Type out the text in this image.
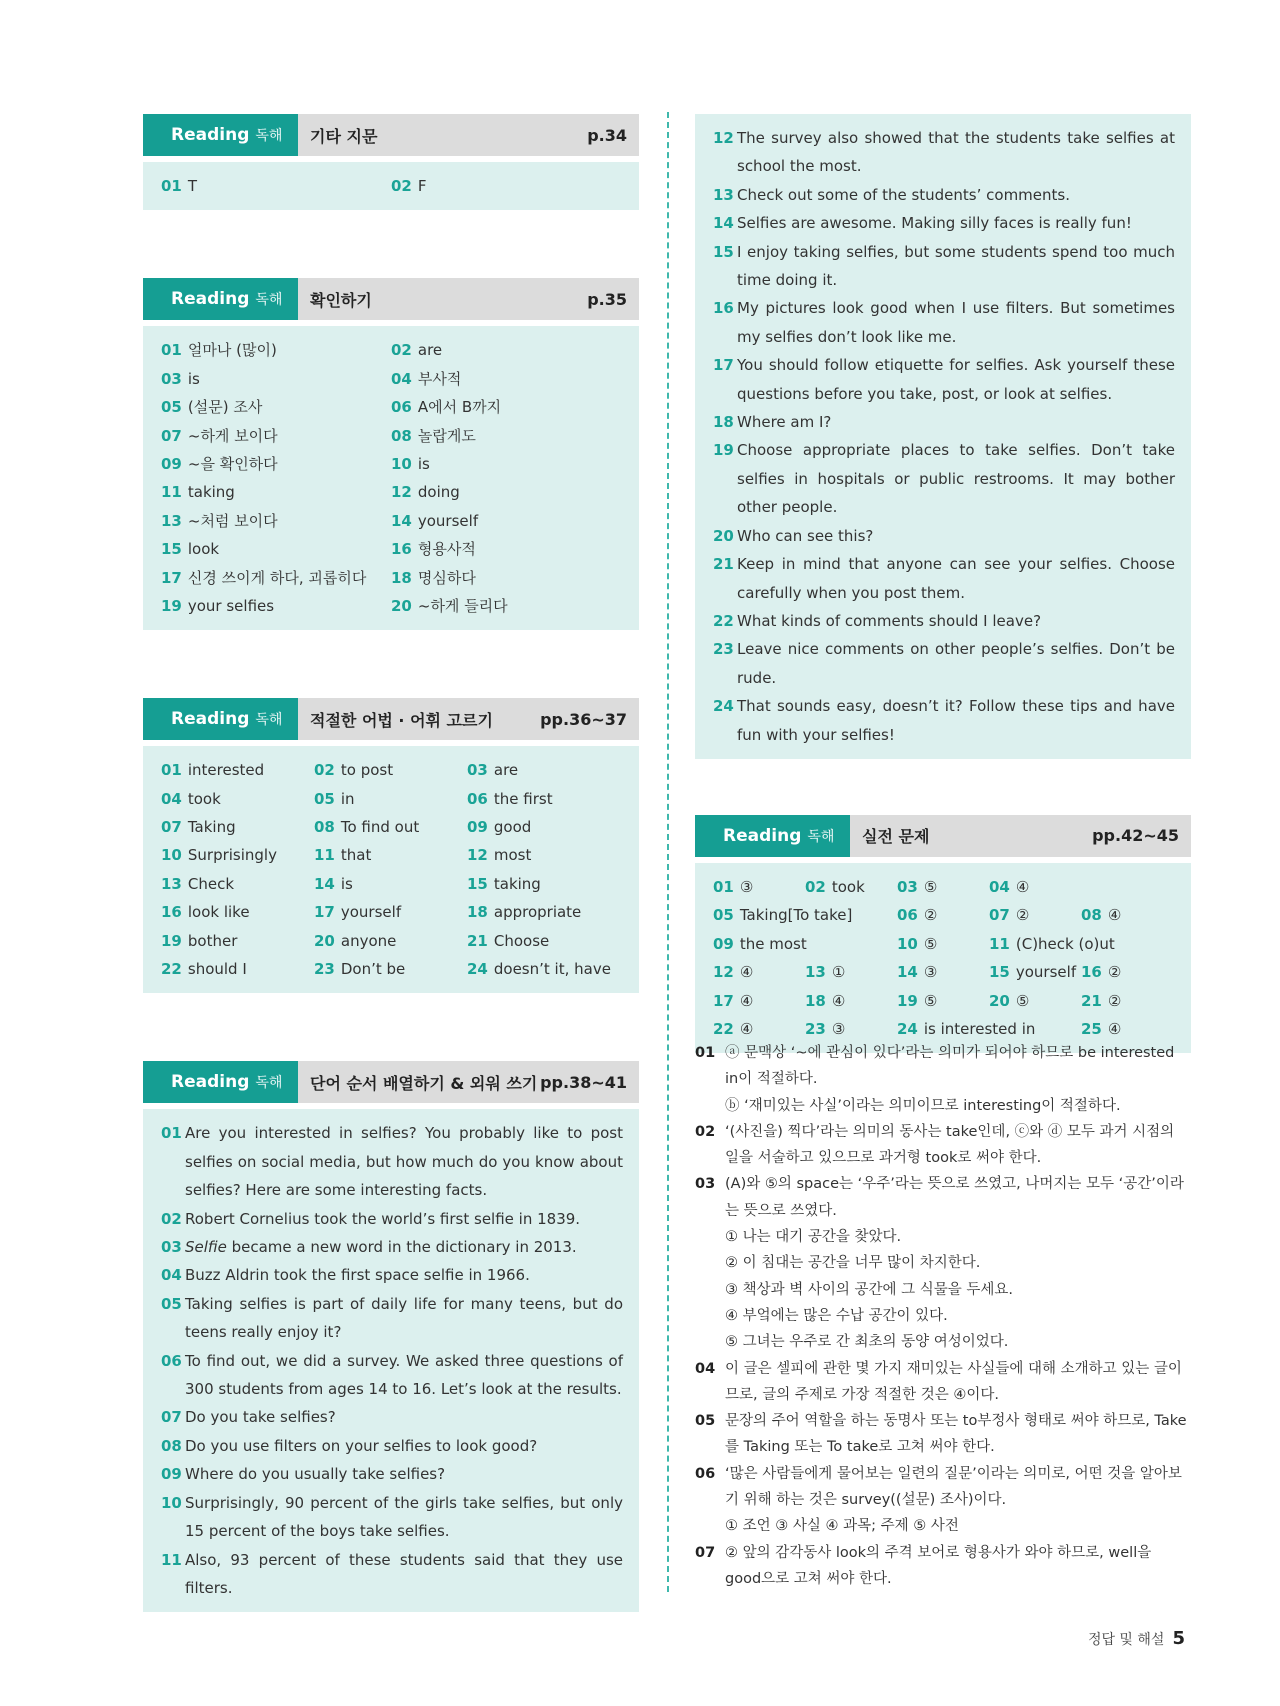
Reading 독해	기타 지문	p.34
01 T	02 F
Reading 독해	확인하기	p.35
01 얼마나 (많이)	02 are
03 is	04 부사적
05 (설문) 조사	06 A에서 B까지
07 ~하게 보이다	08 놀랍게도
09 ~을 확인하다	10 is
11 taking	12 doing
13 ~처럼 보이다	14 yourself
15 look	16 형용사적
17 신경 쓰이게 하다, 괴롭히다	18 명심하다
19 your selfies	20 ~하게 들리다
Reading 독해	적절한 어법 · 어휘 고르기	pp.36~37
01 interested	02 to post	03 are
04 took	05 in	06 the first
07 Taking	08 To find out	09 good
10 Surprisingly	11 that	12 most
13 Check	14 is	15 taking
16 look like	17 yourself	18 appropriate
19 bother	20 anyone	21 Choose
22 should I	23 Don’t be	24 doesn’t it, have
Reading 독해	단어 순서 배열하기 & 외워 쓰기 pp.38~41
01 Are you interested in selfies? You probably like to post selfies on social media, but how much do you know about selfies? Here are some interesting facts.
02 Robert Cornelius took the world’s first selfie in 1839.
03 Selfie became a new word in the dictionary in 2013.
04 Buzz Aldrin took the first space selfie in 1966.
05 Taking selfies is part of daily life for many teens, but do teens really enjoy it?
06 To find out, we did a survey. We asked three questions of 300 students from ages 14 to 16. Let’s look at the results.
07 Do you take selfies?
08 Do you use filters on your selfies to look good?
09 Where do you usually take selfies?
10 Surprisingly, 90 percent of the girls take selfies, but only 15 percent of the boys take selfies.
11 Also, 93 percent of these students said that they use filters.
12 The survey also showed that the students take selfies at school the most.
13 Check out some of the students’ comments.
14 Selfies are awesome. Making silly faces is really fun!
15 I enjoy taking selfies, but some students spend too much time doing it.
16 My pictures look good when I use filters. But sometimes my selfies don’t look like me.
17 You should follow etiquette for selfies. Ask yourself these questions before you take, post, or look at selfies.
18 Where am I?
19 Choose appropriate places to take selfies. Don’t take selfies in hospitals or public restrooms. It may bother other people.
20 Who can see this?
21 Keep in mind that anyone can see your selfies. Choose carefully when you post them.
22 What kinds of comments should I leave?
23 Leave nice comments on other people’s selfies. Don’t be rude.
24 That sounds easy, doesn’t it? Follow these tips and have fun with your selfies!
Reading 독해	실전 문제	pp.42~45
01 ③	02 took	03 ⑤	04 ④
05 Taking[To take]	06 ②	07 ②	08 ④
09 the most	10 ⑤	11 (C)heck (o)ut
12 ④	13 ①	14 ③	15 yourself 16 ②
17 ④	18 ④	19 ⑤	20 ⑤	21 ②
22 ④	23 ③	24 is interested in	25 ④
01 ⓐ 문맥상 ‘~에 관심이 있다’라는 의미가 되어야 하므로 be interested in이 적절하다.
ⓑ ‘재미있는 사실’이라는 의미이므로 interesting이 적절하다.
02 ‘(사진을) 찍다’라는 의미의 동사는 take인데, ⓒ와 ⓓ 모두 과거 시점의 일을 서술하고 있으므로 과거형 took로 써야 한다.
03 (A)와 ⑤의 space는 ‘우주’라는 뜻으로 쓰였고, 나머지는 모두 ‘공간’이라는 뜻으로 쓰였다.
① 나는 대기 공간을 찾았다.
② 이 침대는 공간을 너무 많이 차지한다.
③ 책상과 벽 사이의 공간에 그 식물을 두세요.
④ 부엌에는 많은 수납 공간이 있다.
⑤ 그녀는 우주로 간 최초의 동양 여성이었다.
04 이 글은 셀피에 관한 몇 가지 재미있는 사실들에 대해 소개하고 있는 글이므로, 글의 주제로 가장 적절한 것은 ④이다.
05 문장의 주어 역할을 하는 동명사 또는 to부정사 형태로 써야 하므로, Take를 Taking 또는 To take로 고쳐 써야 한다.
06 ‘많은 사람들에게 물어보는 일련의 질문’이라는 의미로, 어떤 것을 알아보기 위해 하는 것은 survey((설문) 조사)이다.
① 조언 ③ 사실 ④ 과목; 주제 ⑤ 사전
07 ② 앞의 감각동사 look의 주격 보어로 형용사가 와야 하므로, well을 good으로 고쳐 써야 한다.
정답 및 해설 5
